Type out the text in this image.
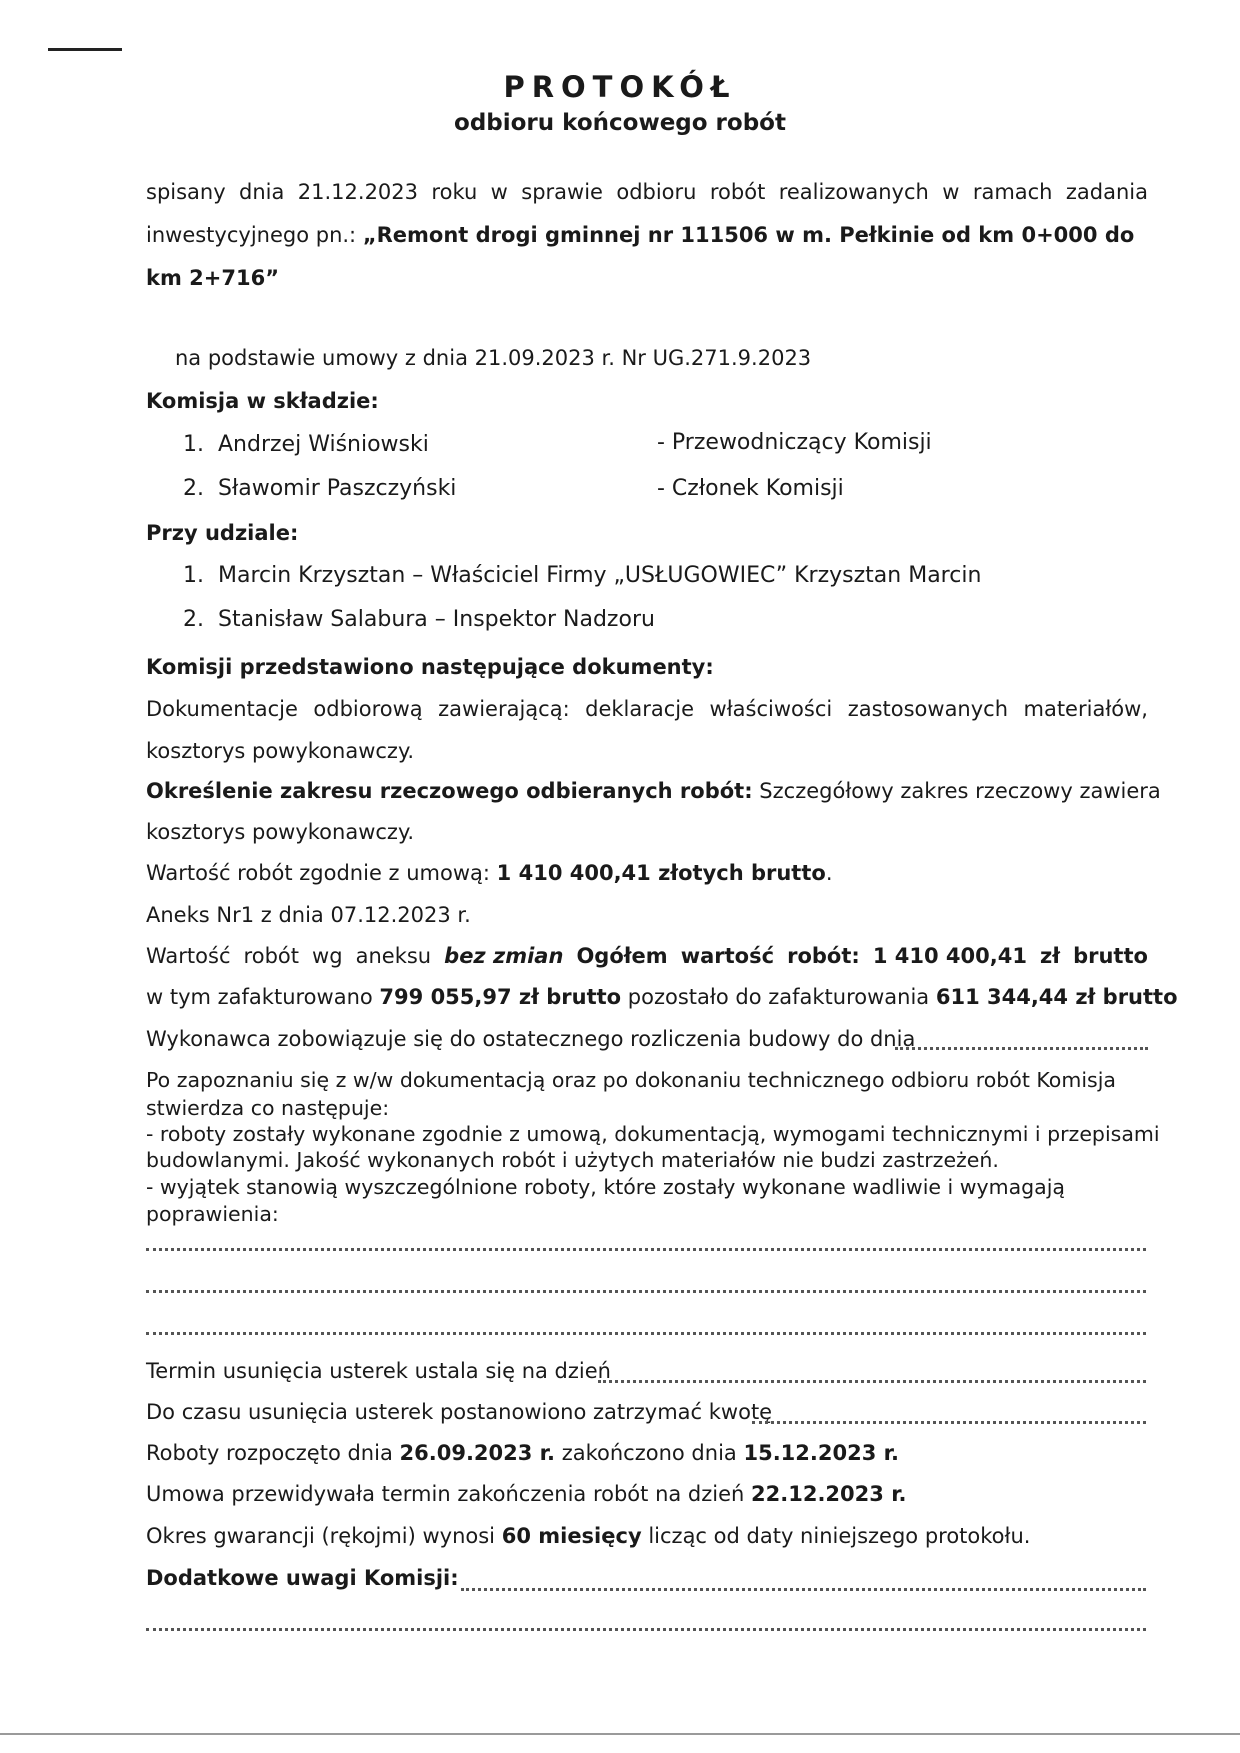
PROTOKÓŁ
odbioru końcowego robót
spisany dnia 21.12.2023 roku w sprawie odbioru robót realizowanych w ramach zadania
inwestycyjnego pn.: „Remont drogi gminnej nr 111506 w m. Pełkinie od km 0+000 do
km 2+716”
na podstawie umowy z dnia 21.09.2023 r. Nr UG.271.9.2023
Komisja w składzie:
1. Andrzej Wiśniowski	- Przewodniczący Komisji
2. Sławomir Paszczyński	- Członek Komisji
Przy udziale:
1. Marcin Krzysztan – Właściciel Firmy „USŁUGOWIEC” Krzysztan Marcin
2. Stanisław Salabura – Inspektor Nadzoru
Komisji przedstawiono następujące dokumenty:
Dokumentacje odbiorową zawierającą: deklaracje właściwości zastosowanych materiałów,
kosztorys powykonawczy.
Określenie zakresu rzeczowego odbieranych robót: Szczegółowy zakres rzeczowy zawiera
kosztorys powykonawczy.
Wartość robót zgodnie z umową: 1 410 400,41 złotych brutto.
Aneks Nr1 z dnia 07.12.2023 r.
Wartość robót wg aneksu bez zmian Ogółem wartość robót: 1 410 400,41 zł brutto
w tym zafakturowano 799 055,97 zł brutto pozostało do zafakturowania 611 344,44 zł brutto
Wykonawca zobowiązuje się do ostatecznego rozliczenia budowy do dnia
Po zapoznaniu się z w/w dokumentacją oraz po dokonaniu technicznego odbioru robót Komisja
stwierdza co następuje:
- roboty zostały wykonane zgodnie z umową, dokumentacją, wymogami technicznymi i przepisami
budowlanymi. Jakość wykonanych robót i użytych materiałów nie budzi zastrzeżeń.
- wyjątek stanowią wyszczególnione roboty, które zostały wykonane wadliwie i wymagają
poprawienia:
Termin usunięcia usterek ustala się na dzień
Do czasu usunięcia usterek postanowiono zatrzymać kwotę
Roboty rozpoczęto dnia 26.09.2023 r. zakończono dnia 15.12.2023 r.
Umowa przewidywała termin zakończenia robót na dzień 22.12.2023 r.
Okres gwarancji (rękojmi) wynosi 60 miesięcy licząc od daty niniejszego protokołu.
Dodatkowe uwagi Komisji:
